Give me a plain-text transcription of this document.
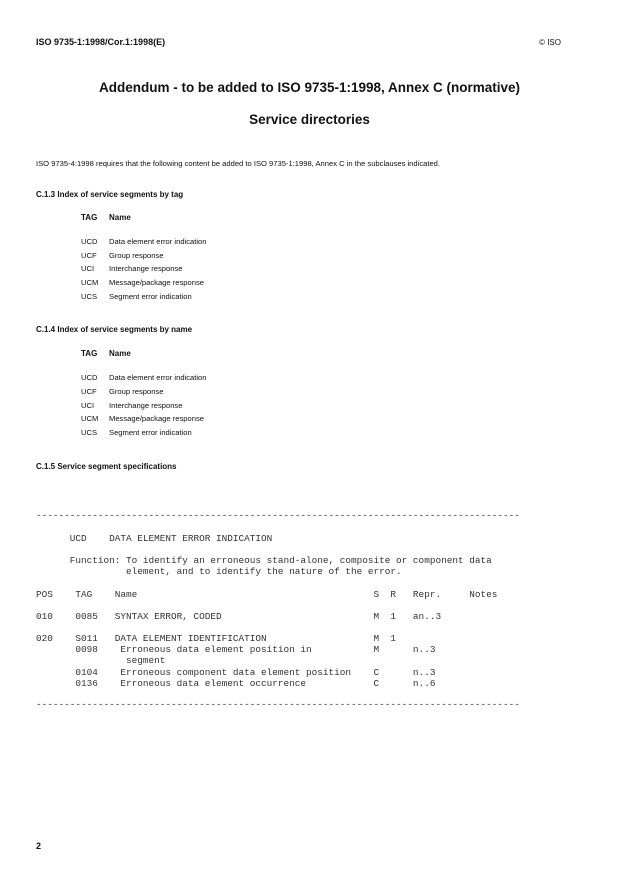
ISO 9735-1:1998/Cor.1:1998(E)	© ISO
Addendum - to be added to ISO 9735-1:1998, Annex C (normative)
Service directories
ISO 9735-4:1998 requires that the following content be added to ISO 9735-1:1998, Annex C in the subclauses indicated.
C.1.3 Index of service segments by tag
TAG Name
UCD Data element error indication
UCF Group response
UCI Interchange response
UCM Message/package response
UCS Segment error indication
C.1.4 Index of service segments by name
TAG Name
UCD Data element error indication
UCF Group response
UCI Interchange response
UCM Message/package response
UCS Segment error indication
C.1.5 Service segment specifications
--------------------------------------------------------------------------------------
UCD    DATA ELEMENT ERROR INDICATION
Function: To identify an erroneous stand-alone, composite or component data
element, and to identify the nature of the error.
POS    TAG    Name                                          S  R   Repr.     Notes
010    0085   SYNTAX ERROR, CODED                           M  1   an..3
020    S011   DATA ELEMENT IDENTIFICATION                   M  1
0098    Erroneous data element position in           M      n..3
segment
0104    Erroneous component data element position    C      n..3
0136    Erroneous data element occurrence            C      n..6
--------------------------------------------------------------------------------------
2
